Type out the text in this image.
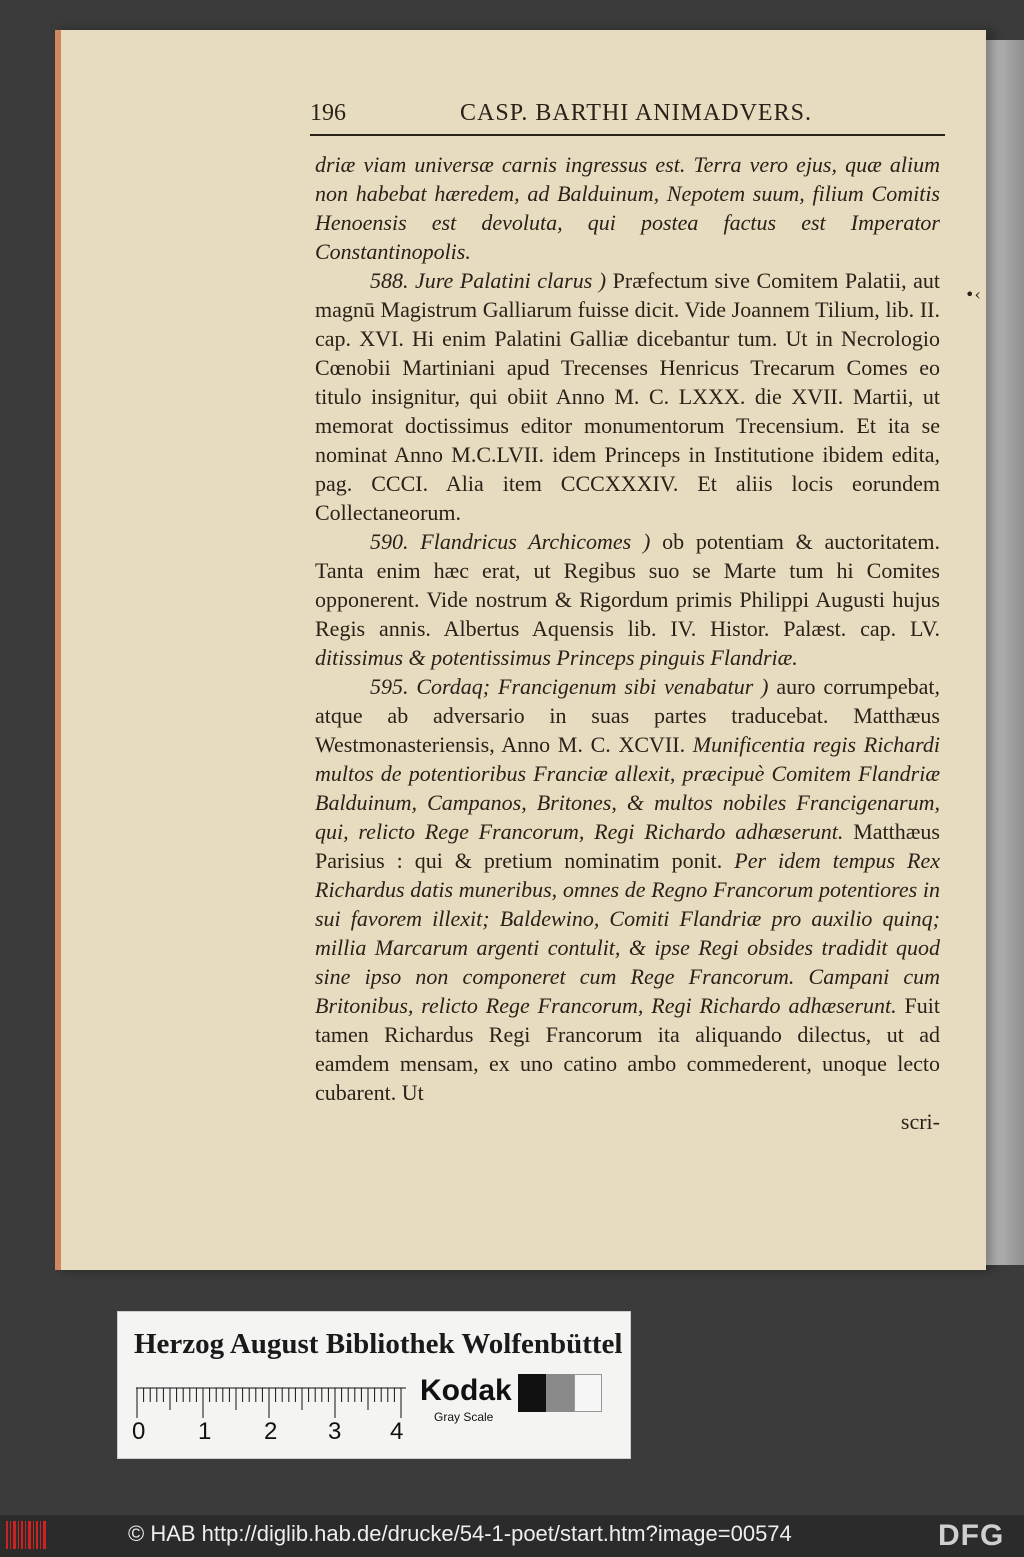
196	CASP. BARTHI ANIMADVERS.
•‹

driæ viam universæ carnis ingressus est. Terra vero ejus, quæ alium non habebat hæredem, ad Balduinum, Nepotem suum, filium Comitis Henoensis est devoluta, qui postea factus est Imperator Constantinopolis.

588. Jure Palatini clarus ) Præfectum sive Comitem Palatii, aut magnū Magistrum Galliarum fuisse dicit. Vide Joannem Tilium, lib. II. cap. XVI. Hi enim Palatini Galliæ dicebantur tum. Ut in Necrologio Cœnobii Martiniani apud Trecenses Henricus Trecarum Comes eo titulo insignitur, qui obiit Anno M. C. LXXX. die XVII. Martii, ut memorat doctissimus editor monumentorum Trecensium. Et ita se nominat Anno M.C.LVII. idem Princeps in Institutione ibidem edita, pag. CCCI. Alia item CCCXXXIV. Et aliis locis eorundem Collectaneorum.

590. Flandricus Archicomes ) ob potentiam & auctoritatem. Tanta enim hæc erat, ut Regibus suo se Marte tum hi Comites opponerent. Vide nostrum & Rigordum primis Philippi Augusti hujus Regis annis. Albertus Aquensis lib. IV. Histor. Palæst. cap. LV. ditissimus & potentissimus Princeps pinguis Flandriæ.

595. Cordaq; Francigenum sibi venabatur ) auro corrumpebat, atque ab adversario in suas partes traducebat. Matthæus Westmonasteriensis, Anno M. C. XCVII. Munificentia regis Richardi multos de potentioribus Franciæ allexit, præcipuè Comitem Flandriæ Balduinum, Campanos, Britones, & multos nobiles Francigenarum, qui, relicto Rege Francorum, Regi Richardo adhæserunt. Matthæus Parisius : qui & pretium nominatim ponit. Per idem tempus Rex Richardus datis muneribus, omnes de Regno Francorum potentiores in sui favorem illexit; Baldewino, Comiti Flandriæ pro auxilio quinq; millia Marcarum argenti contulit, & ipse Regi obsides tradidit quod sine ipso non componeret cum Rege Francorum. Campani cum Britonibus, relicto Rege Francorum, Regi Richardo adhæserunt. Fuit tamen Richardus Regi Francorum ita aliquando dilectus, ut ad eamdem mensam, ex uno catino ambo commederent, unoque lecto cubarent. Ut

scri-
Herzog August Bibliothek Wolfenbüttel
0 1 2 3 4
Kodak
Gray Scale
© HAB http://diglib.hab.de/drucke/54-1-poet/start.htm?image=00574	DFG
